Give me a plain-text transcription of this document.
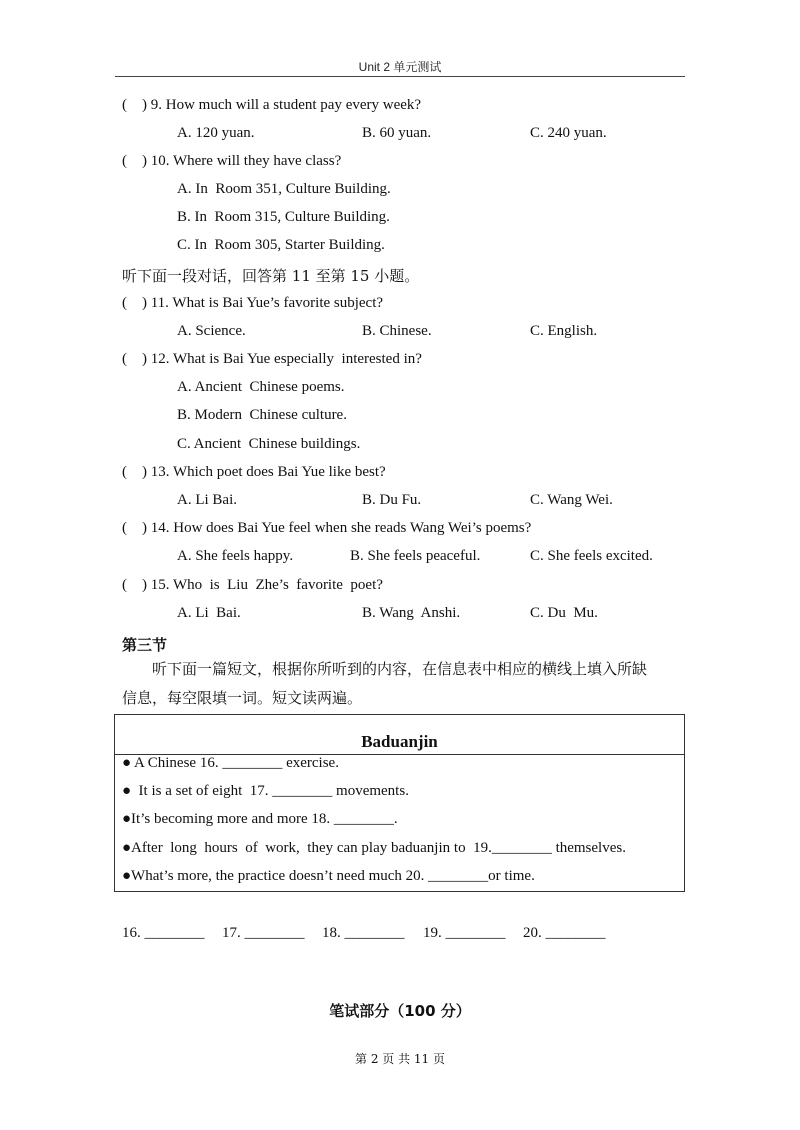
Unit 2 单元测试
(    ) 9. How much will a student pay every week?
A. 120 yuan.	B. 60 yuan.	C. 240 yuan.
(    ) 10. Where will they have class?
A. In  Room 351, Culture Building.
B. In  Room 315, Culture Building.
C. In  Room 305, Starter Building.
听下面一段对话，回答第 11 至第 15 小题。
(    ) 11. What is Bai Yue’s favorite subject?
A. Science.	B. Chinese.	C. English.
(    ) 12. What is Bai Yue especially  interested in?
A. Ancient  Chinese poems.
B. Modern  Chinese culture.
C. Ancient  Chinese buildings.
(    ) 13. Which poet does Bai Yue like best?
A. Li Bai.	B. Du Fu.	C. Wang Wei.
(    ) 14. How does Bai Yue feel when she reads Wang Wei’s poems?
A. She feels happy.	B. She feels peaceful.	C. She feels excited.
(    ) 15. Who  is  Liu  Zhe’s  favorite  poet?
A. Li  Bai.	B. Wang  Anshi.	C. Du  Mu.
第三节
听下面一篇短文，根据你所听到的内容，在信息表中相应的横线上填入所缺
信息，每空限填一词。短文读两遍。
Baduanjin
● A Chinese 16. ________ exercise.
●  It is a set of eight  17. ________ movements.
●It’s becoming more and more 18. ________.
●After  long  hours  of  work,  they can play baduanjin to  19.________ themselves.
●What’s more, the practice doesn’t need much 20. ________or time.
16. ________ 17. ________ 18. ________ 19. ________ 20. ________
笔试部分（100 分）
第 2 页 共 11 页
